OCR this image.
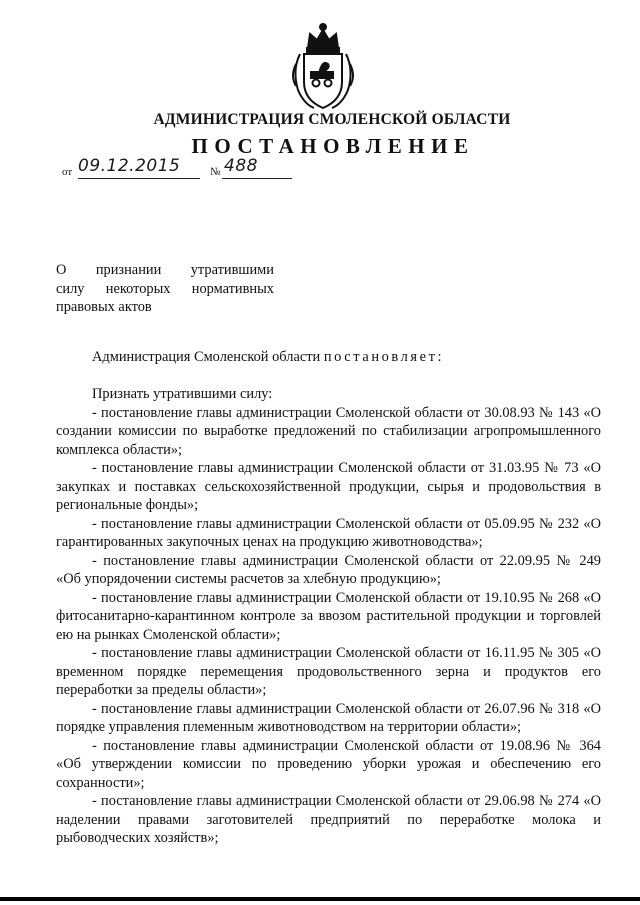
АДМИНИСТРАЦИЯ СМОЛЕНСКОЙ ОБЛАСТИ
ПОСТАНОВЛЕНИЕ
от 09.12.2015	№ 488
О признании утратившими
силу некоторых нормативных
правовых актов
Администрация Смоленской области постановляет:

Признать утратившими силу:

- постановление главы администрации Смоленской области от 30.08.93 № 143 «О создании комиссии по выработке предложений по стабилизации агропромышленного комплекса области»;

- постановление главы администрации Смоленской области от 31.03.95 № 73 «О закупках и поставках сельскохозяйственной продукции, сырья и продовольствия в региональные фонды»;

- постановление главы администрации Смоленской области от 05.09.95 № 232 «О гарантированных закупочных ценах на продукцию животноводства»;

- постановление главы администрации Смоленской области от 22.09.95 № 249 «Об упорядочении системы расчетов за хлебную продукцию»;

- постановление главы администрации Смоленской области от 19.10.95 № 268 «О фитосанитарно-карантинном контроле за ввозом растительной продукции и торговлей ею на рынках Смоленской области»;

- постановление главы администрации Смоленской области от 16.11.95 № 305 «О временном порядке перемещения продовольственного зерна и продуктов его переработки за пределы области»;

- постановление главы администрации Смоленской области от 26.07.96 № 318 «О порядке управления племенным животноводством на территории области»;

- постановление главы администрации Смоленской области от 19.08.96 № 364 «Об утверждении комиссии по проведению уборки урожая и обеспечению его сохранности»;

- постановление главы администрации Смоленской области от 29.06.98 № 274 «О наделении правами заготовителей предприятий по переработке молока и рыбоводческих хозяйств»;
